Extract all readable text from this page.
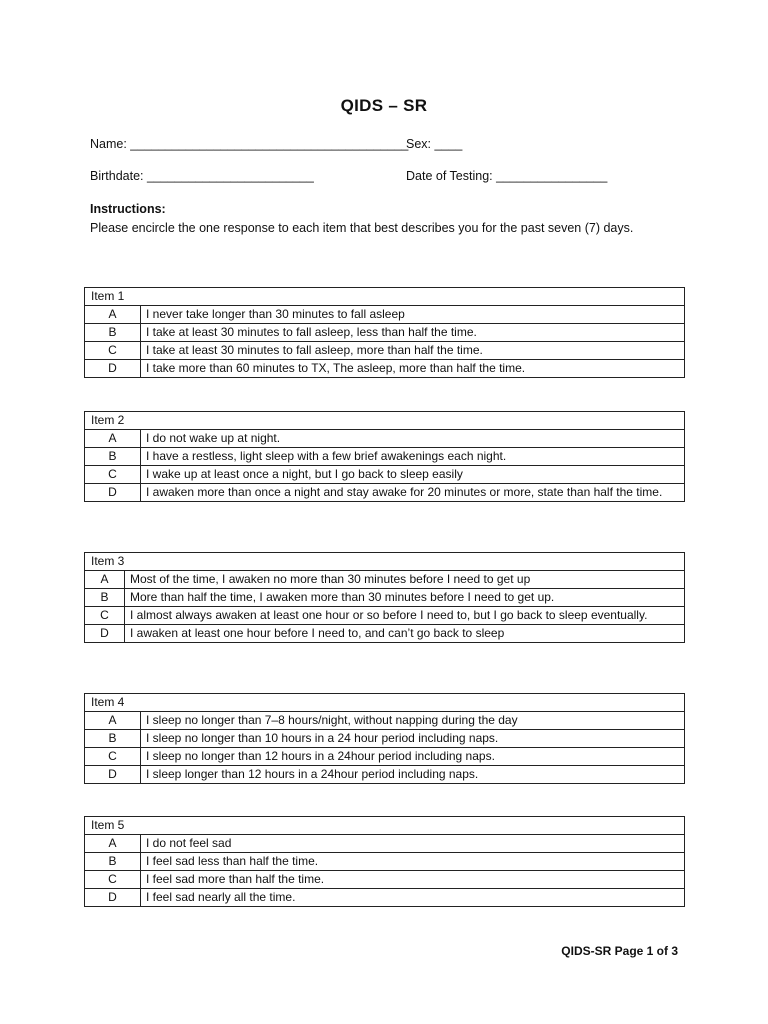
QIDS – SR
Name: ________________________________________
Sex: ____
Birthdate: ________________________	Date of Testing: ________________
Instructions:
Please encircle the one response to each item that best describes you for the past seven (7) days.
Item 1	
A	I never take longer than 30 minutes to fall asleep
B	I take at least 30 minutes to fall asleep, less than half the time.
C	I take at least 30 minutes to fall asleep, more than half the time.
D	I take more than 60 minutes to TX, The asleep, more than half the time.
Item 2	
A	I do not wake up at night.
B	I have a restless, light sleep with a few brief awakenings each night.
C	I wake up at least once a night, but I go back to sleep easily
D	I awaken more than once a night and stay awake for 20 minutes or more, state than half the time.
Item 3	
A	Most of the time, I awaken no more than 30 minutes before I need to get up
B	More than half the time, I awaken more than 30 minutes before I need to get up.
C	I almost always awaken at least one hour or so before I need to, but I go back to sleep eventually.
D	I awaken at least one hour before I need to, and can’t go back to sleep
Item 4	
A	I sleep no longer than 7–8 hours/night, without napping during the day
B	I sleep no longer than 10 hours in a 24 hour period including naps.
C	I sleep no longer than 12 hours in a 24hour period including naps.
D	I sleep longer than 12 hours in a 24hour period including naps.
Item 5	
A	I do not feel sad
B	I feel sad less than half the time.
C	I feel sad more than half the time.
D	I feel sad nearly all the time.
QIDS-SR Page 1 of 3
